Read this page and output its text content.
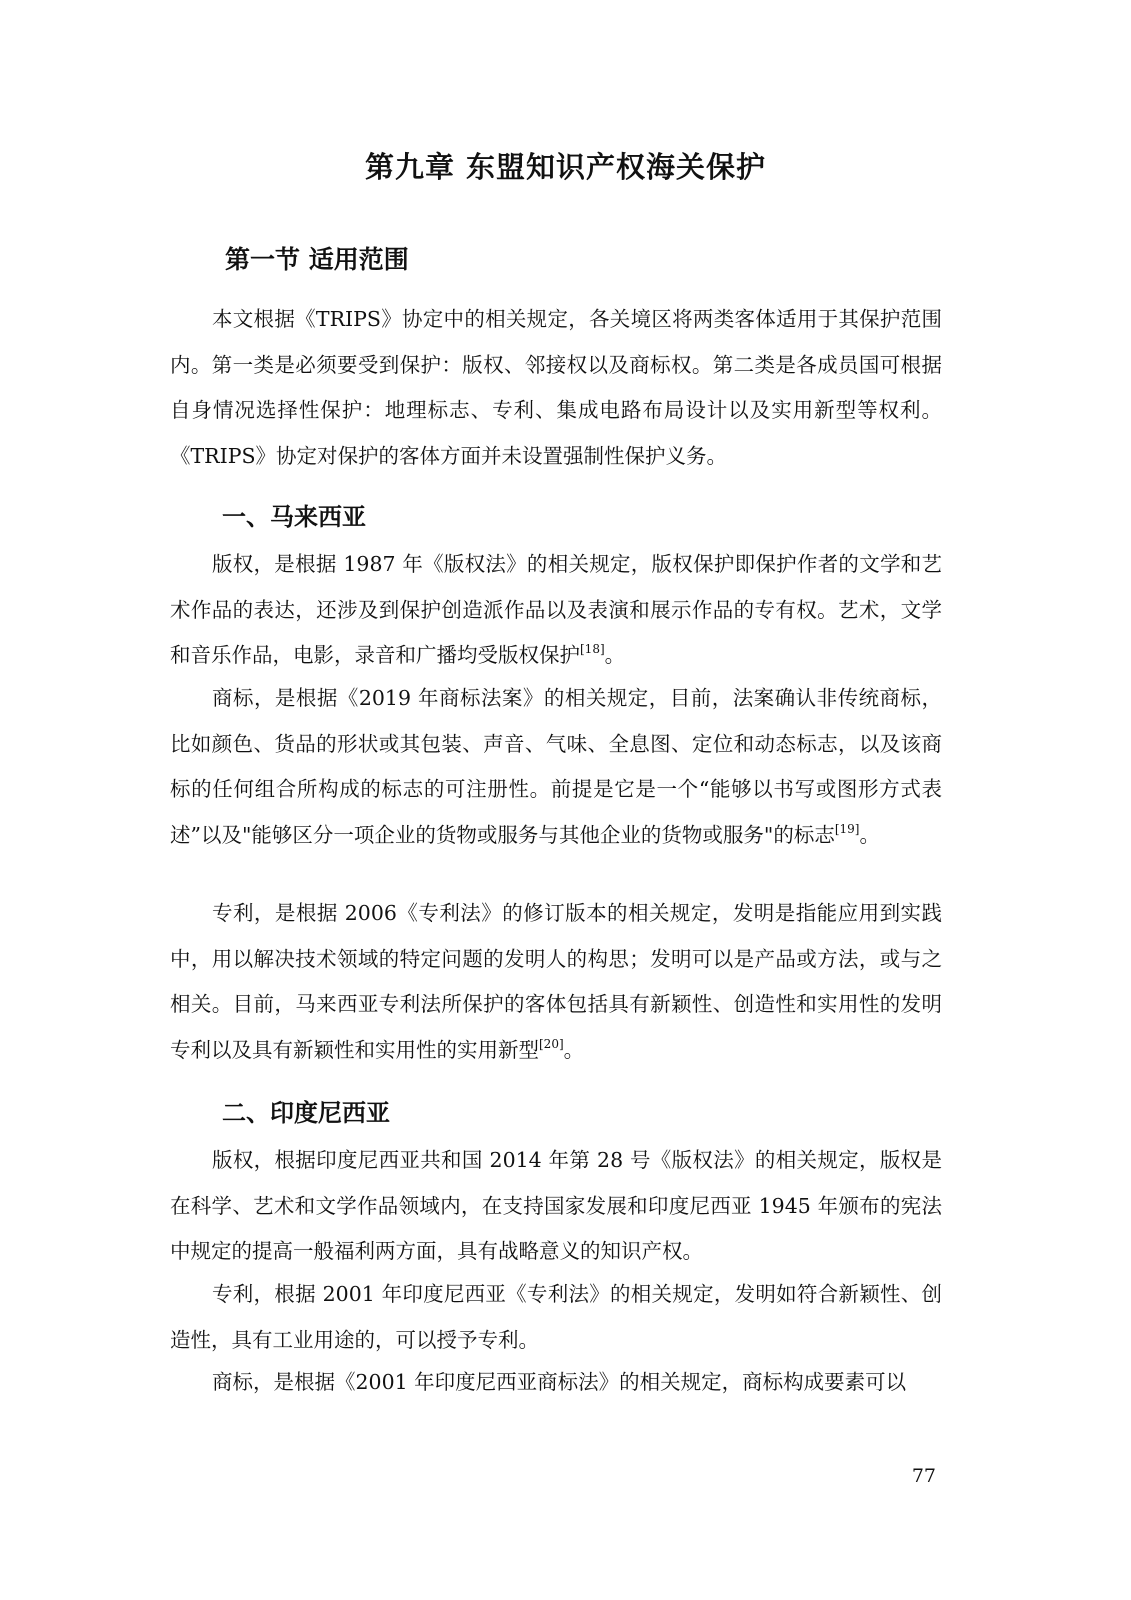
第九章 东盟知识产权海关保护
第一节 适用范围

本文根据《TRIPS》协定中的相关规定，各关境区将两类客体适用于其保护范围内。第一类是必须要受到保护：版权、邻接权以及商标权。第二类是各成员国可根据自身情况选择性保护：地理标志、专利、集成电路布局设计以及实用新型等权利。《TRIPS》协定对保护的客体方面并未设置强制性保护义务。

一、马来西亚

版权，是根据 1987 年《版权法》的相关规定，版权保护即保护作者的文学和艺术作品的表达，还涉及到保护创造派作品以及表演和展示作品的专有权。艺术，文学和音乐作品，电影，录音和广播均受版权保护[18]。

商标，是根据《2019 年商标法案》的相关规定，目前，法案确认非传统商标，比如颜色、货品的形状或其包装、声音、气味、全息图、定位和动态标志，以及该商标的任何组合所构成的标志的可注册性。前提是它是一个“能够以书写或图形方式表述”以及"能够区分一项企业的货物或服务与其他企业的货物或服务"的标志[19]。

专利，是根据 2006《专利法》的修订版本的相关规定，发明是指能应用到实践中，用以解决技术领域的特定问题的发明人的构思；发明可以是产品或方法，或与之相关。目前，马来西亚专利法所保护的客体包括具有新颖性、创造性和实用性的发明专利以及具有新颖性和实用性的实用新型[20]。

二、印度尼西亚

版权，根据印度尼西亚共和国 2014 年第 28 号《版权法》的相关规定，版权是在科学、艺术和文学作品领域内，在支持国家发展和印度尼西亚 1945 年颁布的宪法中规定的提高一般福利两方面，具有战略意义的知识产权。

专利，根据 2001 年印度尼西亚《专利法》的相关规定，发明如符合新颖性、创造性，具有工业用途的，可以授予专利。

商标，是根据《2001 年印度尼西亚商标法》的相关规定，商标构成要素可以

77
